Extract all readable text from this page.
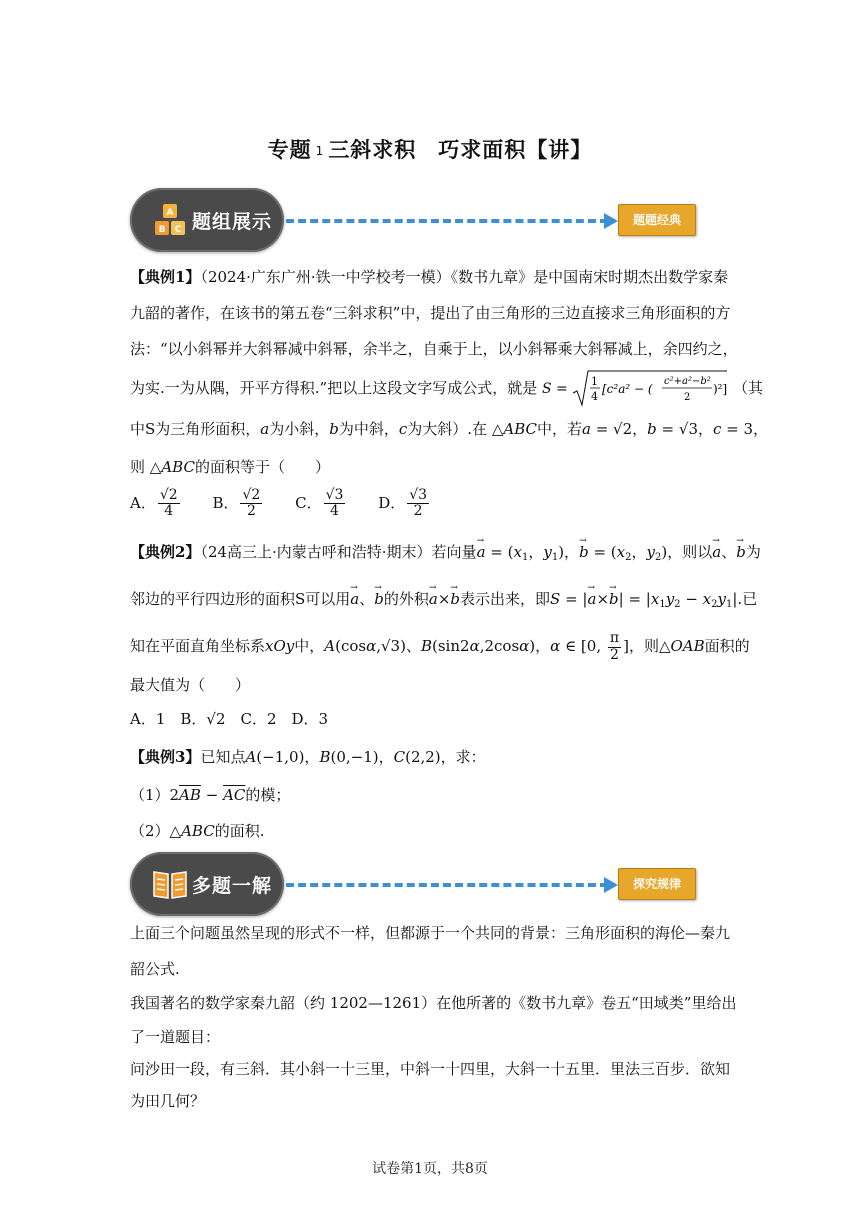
专题 1 三斜求积　巧求面积【讲】
A
B C 题组展示	题题经典
【典例1】（2024·广东广州·铁一中学校考一模）《数书九章》是中国南宋时期杰出数学家秦
九韶的著作，在该书的第五卷“三斜求积”中，提出了由三角形的三边直接求三角形面积的方
法：“以小斜幂并大斜幂减中斜幂，余半之，自乘于上，以小斜幂乘大斜幂减上，余四约之，
为实.一为从隅，开平方得积.”把以上这段文字写成公式，就是 S = 1
4
[c²a² − (
c²+a²−b²
2
)²] （其
中S为三角形面积，a为小斜，b为中斜，c为大斜）.在 △ABC中，若a = √2，b = √3，c = 3，
则 △ABC的面积等于（　　）
A． $\frac{√2}{4}$ B． $\frac{√2}{2}$ C． $\frac{√3}{4}$ D． $\frac{√3}{2}$
【典例2】（24高三上·内蒙古呼和浩特·期末）若向量→ $a = (x_1$，$y_1$)，→ $b = (x_2$，$y_2$)，则以→ a、→ b为
邻边的平行四边形的面积S可以用→ a、→ b的外积→ a×→ b表示出来，即S = |→ $a\times\to b| = |x_1y_2 - x_2y_1|$.已
知在平面直角坐标系xOy中，A(cosα,√3)、B(sin2α,2cosα)，α ∈ [0, $\frac{\pi}{2}$ ]，则△OAB面积的
最大值为（　　）
A．1　B．√2　C．2　D．3
【典例3】已知点A(−1,0)，B(0,−1)，C(2,2)，求：
$(1)2\overline{AB} - \overline{AC}$的模；
（2）△ABC的面积.
多题一解	探究规律
上面三个问题虽然呈现的形式不一样，但都源于一个共同的背景：三角形面积的海伦—秦九
韶公式.
我国著名的数学家秦九韶（约 1202—1261）在他所著的《数书九章》卷五“田域类”里给出
了一道题目：
问沙田一段，有三斜．其小斜一十三里，中斜一十四里，大斜一十五里．里法三百步．欲知
为田几何？
试卷第1页，共8页
